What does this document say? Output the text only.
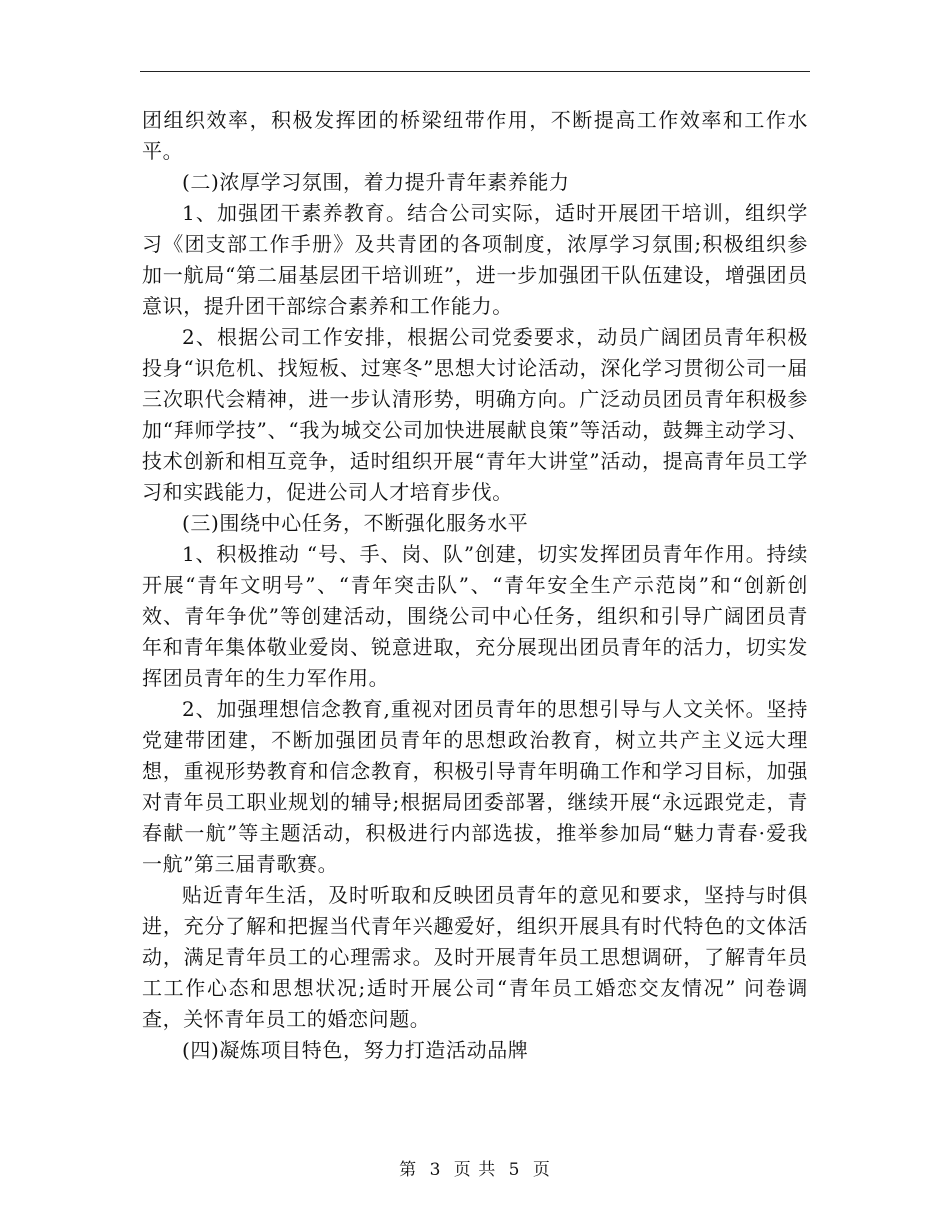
团组织效率，积极发挥团的桥梁纽带作用，不断提高工作效率和工作水平。

(二)浓厚学习氛围，着力提升青年素养能力

1、加强团干素养教育。结合公司实际，适时开展团干培训，组织学习《团支部工作手册》及共青团的各项制度，浓厚学习氛围;积极组织参加一航局“第二届基层团干培训班”，进一步加强团干队伍建设，增强团员意识，提升团干部综合素养和工作能力。

2、根据公司工作安排，根据公司党委要求，动员广阔团员青年积极投身“识危机、找短板、过寒冬”思想大讨论活动，深化学习贯彻公司一届三次职代会精神，进一步认清形势，明确方向。广泛动员团员青年积极参加“拜师学技”、“我为城交公司加快进展献良策”等活动，鼓舞主动学习、技术创新和相互竞争，适时组织开展“青年大讲堂”活动，提高青年员工学习和实践能力，促进公司人才培育步伐。

(三)围绕中心任务，不断强化服务水平

1、积极推动 “号、手、岗、队”创建，切实发挥团员青年作用。持续开展“青年文明号”、“青年突击队”、“青年安全生产示范岗”和“创新创效、青年争优”等创建活动，围绕公司中心任务，组织和引导广阔团员青年和青年集体敬业爱岗、锐意进取，充分展现出团员青年的活力，切实发挥团员青年的生力军作用。

2、加强理想信念教育,重视对团员青年的思想引导与人文关怀。坚持党建带团建，不断加强团员青年的思想政治教育，树立共产主义远大理想，重视形势教育和信念教育，积极引导青年明确工作和学习目标，加强对青年员工职业规划的辅导;根据局团委部署，继续开展“永远跟党走，青春献一航”等主题活动，积极进行内部选拔，推举参加局“魅力青春·爱我一航”第三届青歌赛。

贴近青年生活，及时听取和反映团员青年的意见和要求，坚持与时俱进，充分了解和把握当代青年兴趣爱好，组织开展具有时代特色的文体活动，满足青年员工的心理需求。及时开展青年员工思想调研，了解青年员工工作心态和思想状况;适时开展公司“青年员工婚恋交友情况” 问卷调查，关怀青年员工的婚恋问题。

(四)凝炼项目特色，努力打造活动品牌

第 3 页 共 5 页
